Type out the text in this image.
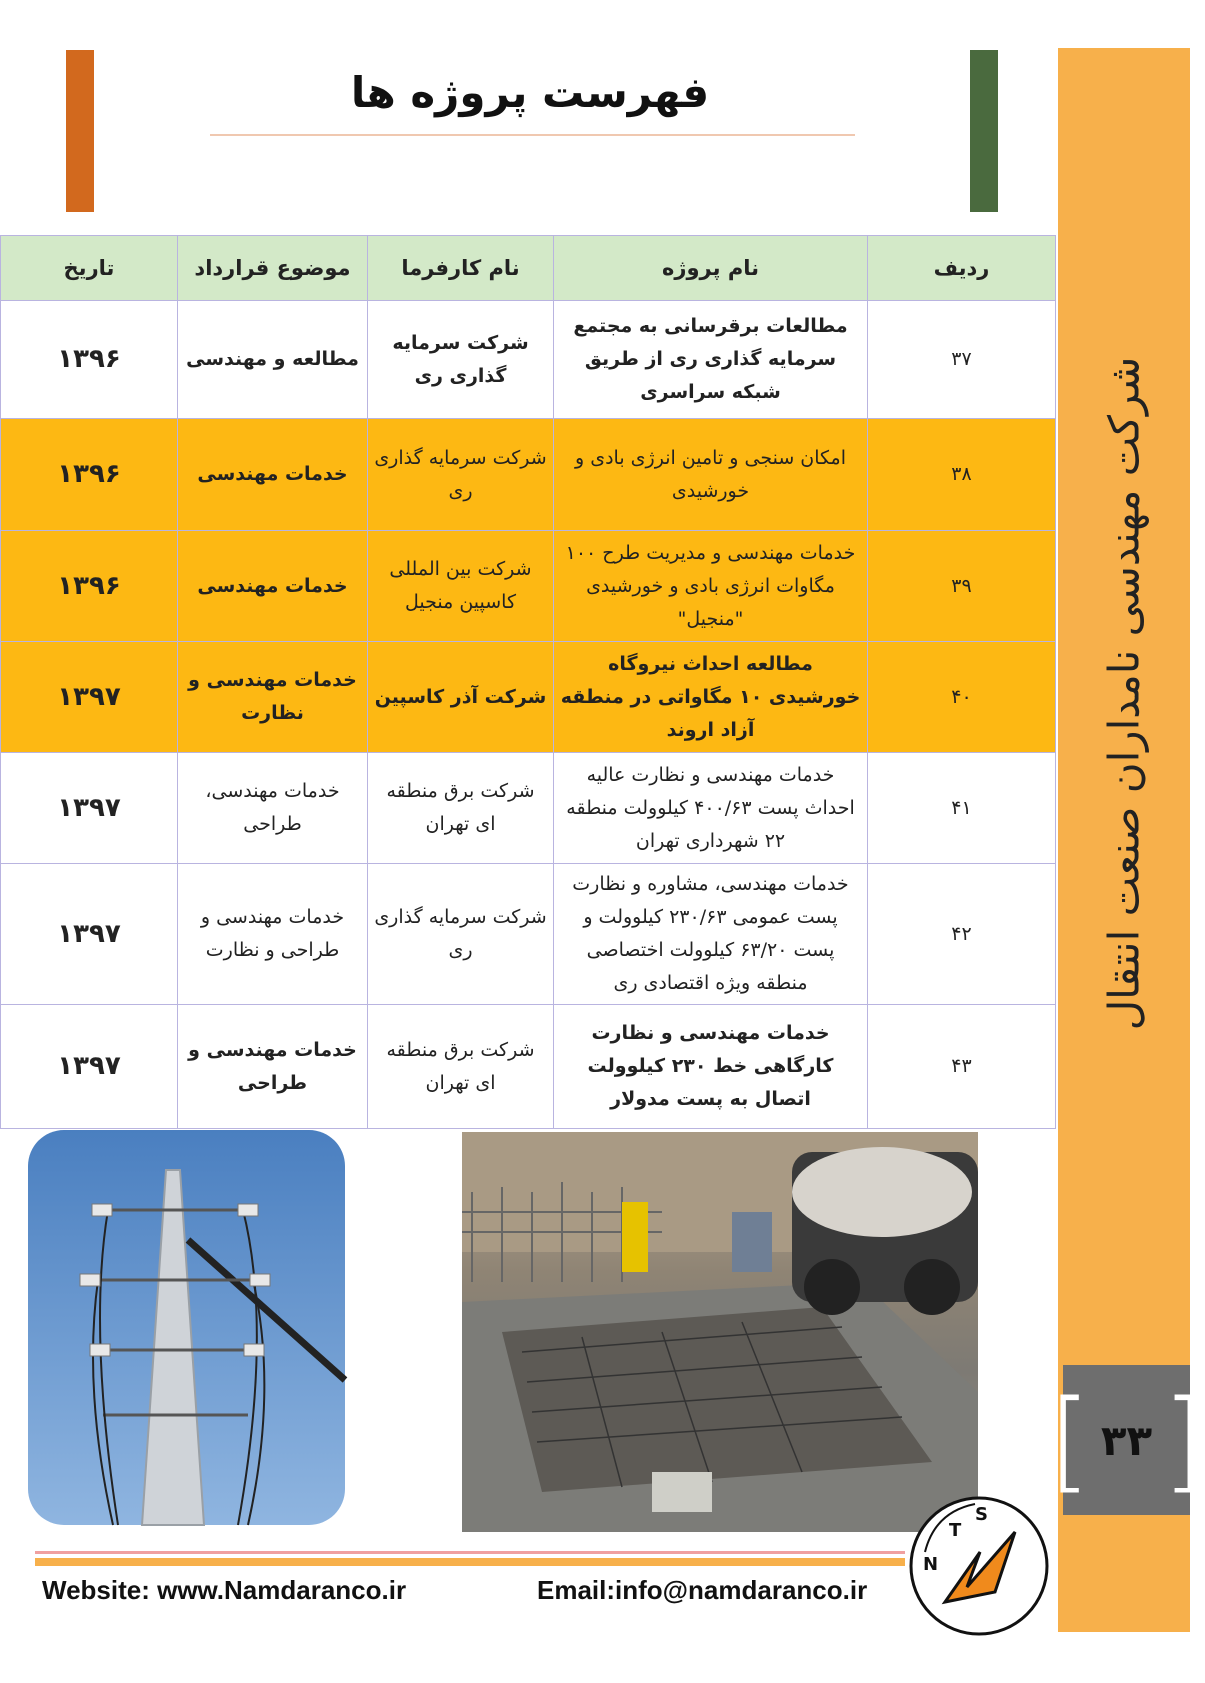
فهرست پروژه ها
شرکت مهندسی نامداران صنعت انتقال
[ ۳۳ ]
ردیف	نام پروژه	نام کارفرما	موضوع قرارداد	تاریخ
۳۷	مطالعات برقرسانی به مجتمع سرمایه گذاری ری از طریق شبکه سراسری	شرکت سرمایه گذاری ری	مطالعه و مهندسی	۱۳۹۶
۳۸	امکان سنجی و تامین انرژی بادی و خورشیدی	شرکت سرمایه گذاری ری	خدمات مهندسی	۱۳۹۶
۳۹	خدمات مهندسی و مدیریت طرح ۱۰۰ مگاوات انرژی بادی و خورشیدی "منجیل"	شرکت بین المللی کاسپین منجیل	خدمات مهندسی	۱۳۹۶
۴۰	مطالعه احداث نیروگاه خورشیدی ۱۰ مگاواتی در منطقه آزاد اروند	شرکت آذر کاسپین	خدمات مهندسی و نظارت	۱۳۹۷
۴۱	خدمات مهندسی و نظارت عالیه احداث پست ۴۰۰/۶۳ کیلوولت منطقه ۲۲ شهرداری تهران	شرکت برق منطقه ای تهران	خدمات مهندسی، طراحی	۱۳۹۷
۴۲	خدمات مهندسی، مشاوره و نظارت پست عمومی ۲۳۰/۶۳ کیلوولت و پست ۶۳/۲۰ کیلوولت اختصاصی منطقه ویژه اقتصادی ری	شرکت سرمایه گذاری ری	خدمات مهندسی و طراحی و نظارت	۱۳۹۷
۴۳	خدمات مهندسی و نظارت کارگاهی خط ۲۳۰ کیلوولت اتصال به پست مدولار	شرکت برق منطقه ای تهران	خدمات مهندسی و طراحی	۱۳۹۷
Website: www.Namdaranco.ir	Email:info@namdaranco.ir
N
T
S
